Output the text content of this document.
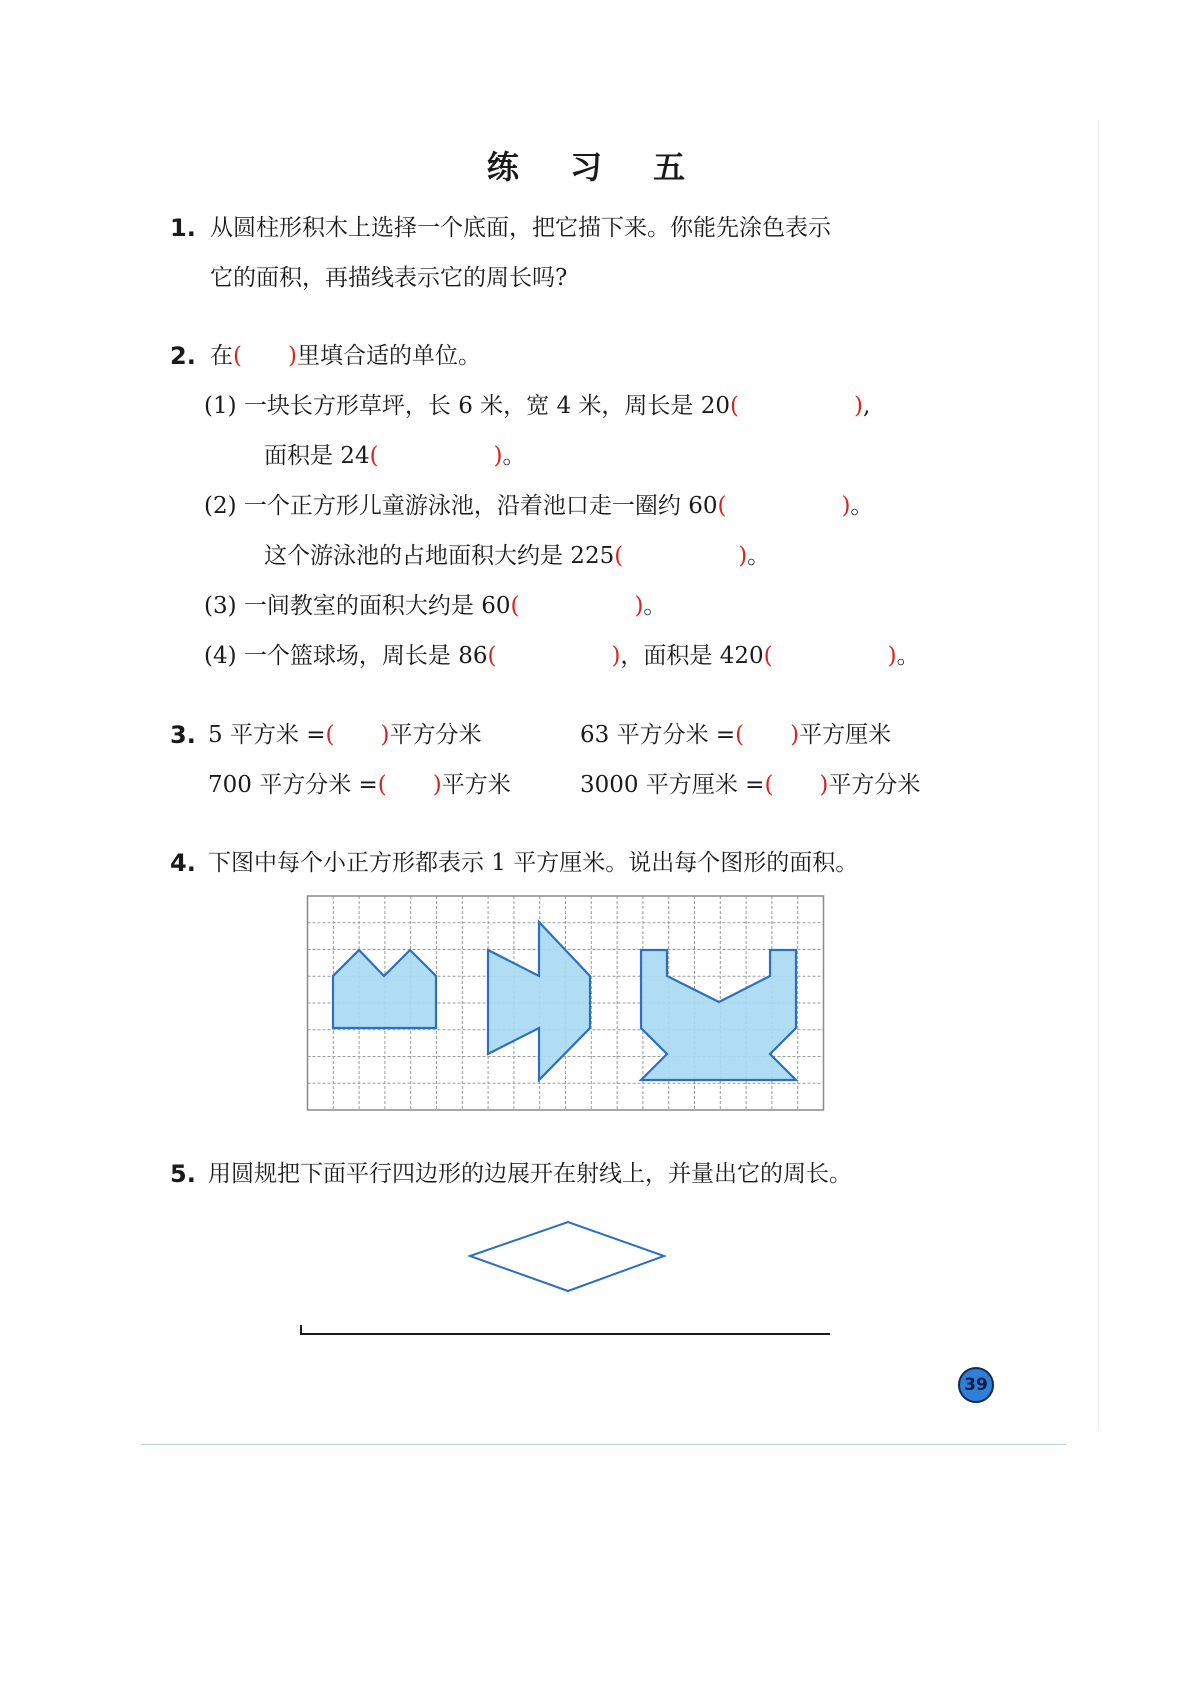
练 习 五
1. 从圆柱形积木上选择一个底面，把它描下来。你能先涂色表示
它的面积，再描线表示它的周长吗?
2. 在(　　)里填合适的单位。
(1) 一块长方形草坪，长 6 米，宽 4 米，周长是 20(　　　　　),
面积是 24(　　　　　)。
(2) 一个正方形儿童游泳池，沿着池口走一圈约 60(　　　　　)。
这个游泳池的占地面积大约是 225(　　　　　)。
(3) 一间教室的面积大约是 60(　　　　　)。
(4) 一个篮球场，周长是 86(　　　　　)，面积是 420(　　　　　)。
3. 5 平方米 =(　　)平方分米	63 平方分米 =(　　)平方厘米
700 平方分米 =(　　)平方米	3000 平方厘米 =(　　)平方分米
4. 下图中每个小正方形都表示 1 平方厘米。说出每个图形的面积。
5. 用圆规把下面平行四边形的边展开在射线上，并量出它的周长。
39
